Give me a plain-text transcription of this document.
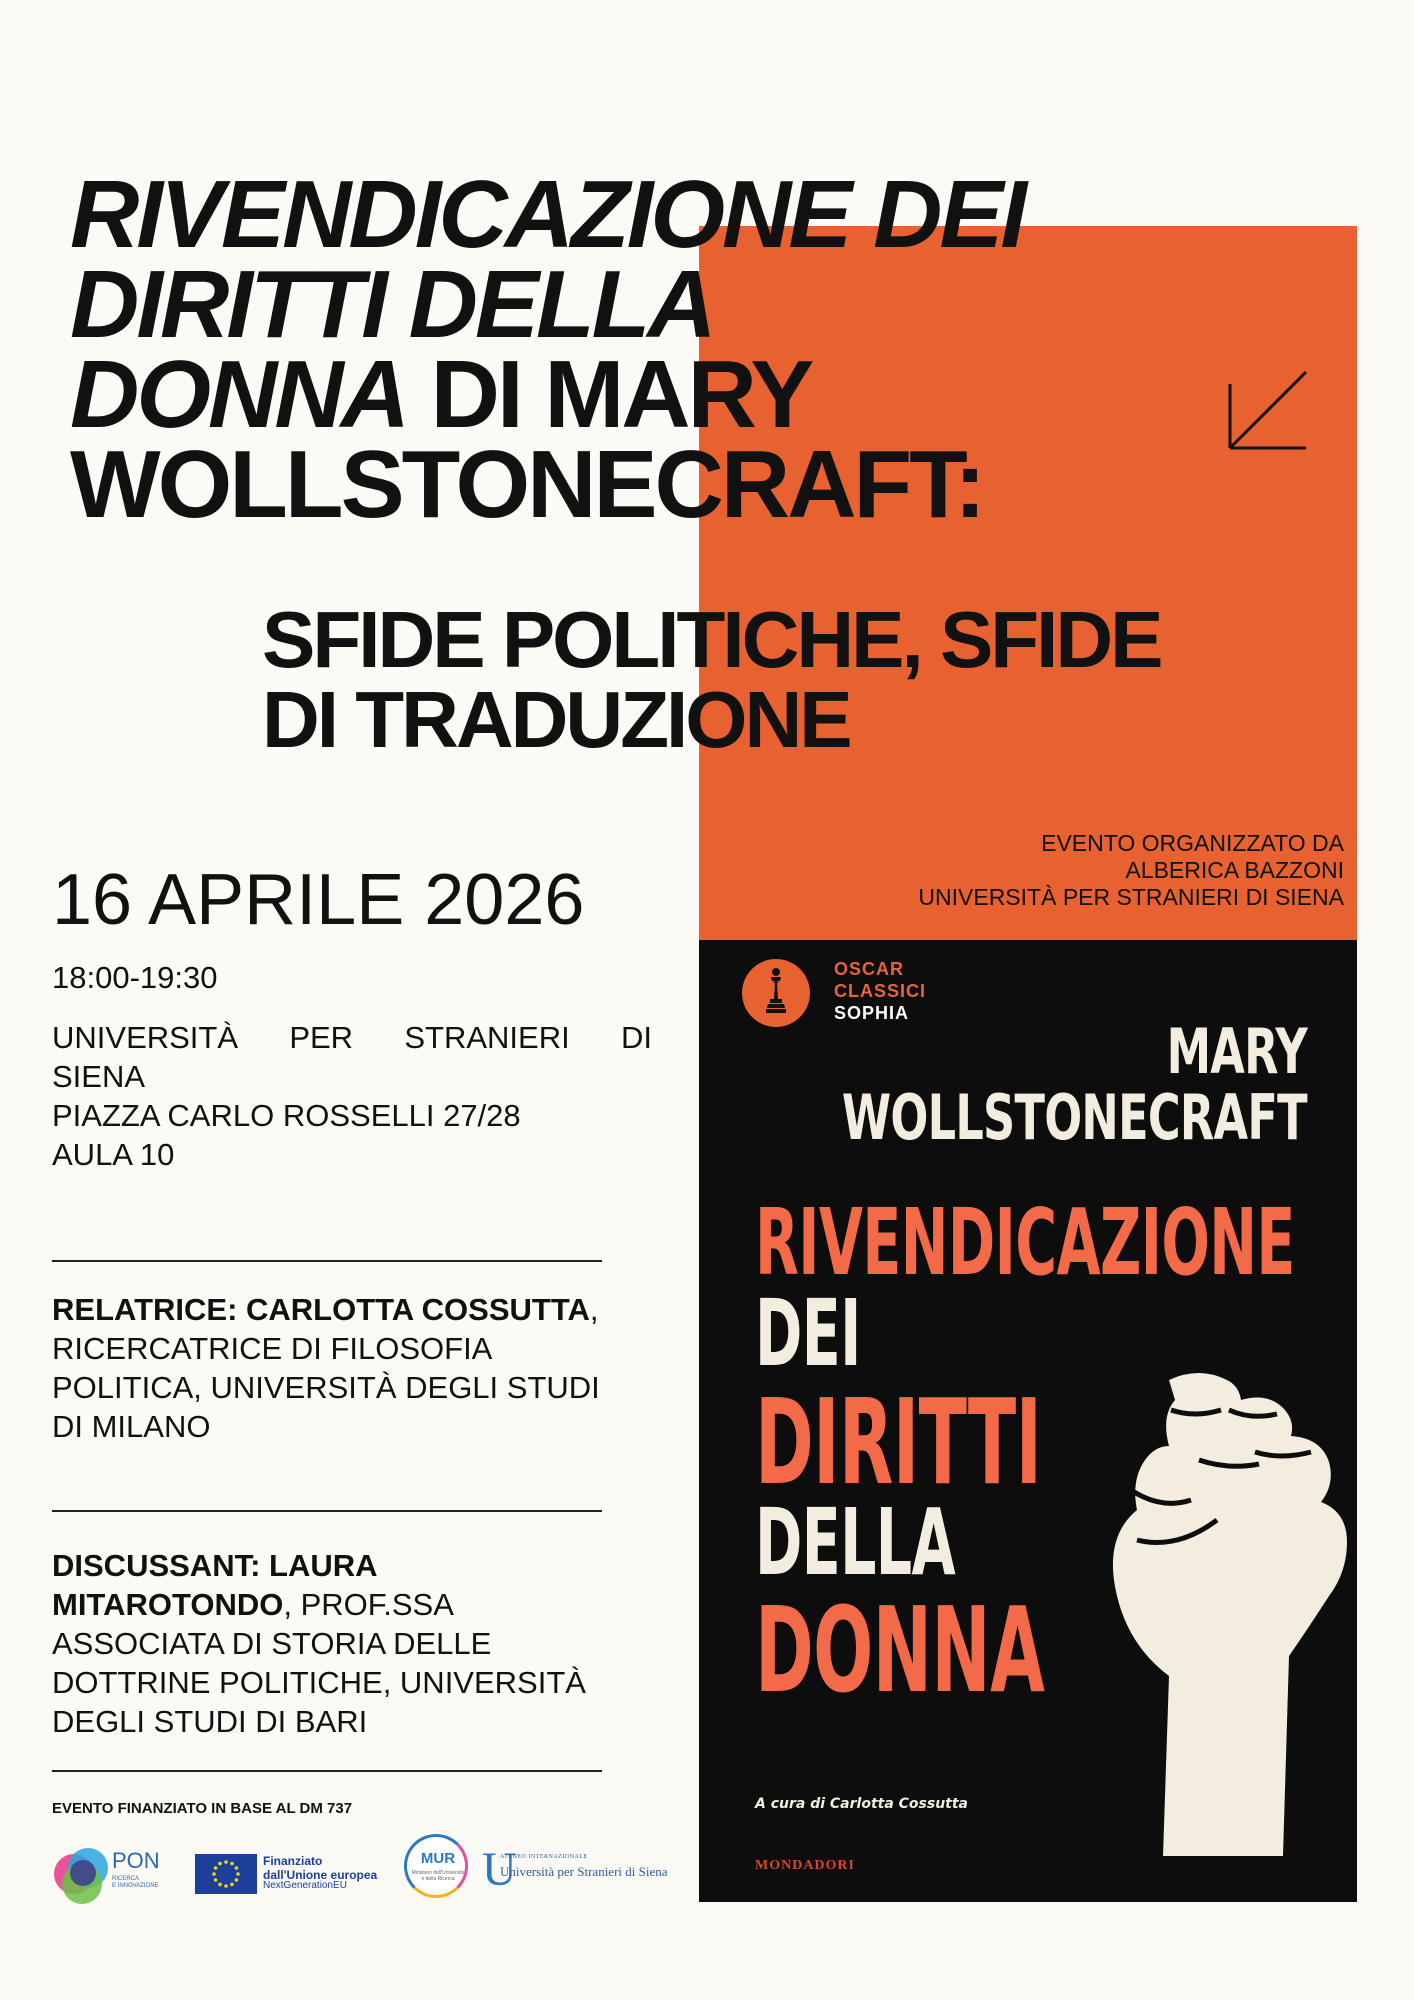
RIVENDICAZIONE DEI
DIRITTI DELLA
DONNA DI MARY
WOLLSTONECRAFT:
SFIDE POLITICHE, SFIDE
DI TRADUZIONE
EVENTO ORGANIZZATO DA
ALBERICA BAZZONI
UNIVERSITÀ PER STRANIERI DI SIENA
16 APRILE 2026
18:00-19:30
UNIVERSITÀ PER STRANIERI DI
SIENA
PIAZZA CARLO ROSSELLI 27/28
AULA 10
RELATRICE: CARLOTTA COSSUTTA, RICERCATRICE DI FILOSOFIA POLITICA, UNIVERSITÀ DEGLI STUDI DI MILANO
DISCUSSANT: LAURA MITAROTONDO, PROF.SSA ASSOCIATA DI STORIA DELLE DOTTRINE POLITICHE, UNIVERSITÀ DEGLI STUDI DI BARI
EVENTO FINANZIATO IN BASE AL DM 737
PON
RICERCA
E INNOVAZIONE
Finanziato
dall'Unione europea
NextGenerationEU
MUR
Ministero dell'Università e della Ricerca U
ATENEO INTERNAZIONALE
Università per Stranieri di Siena
OSCAR
CLASSICI
SOPHIA
MARY
WOLLSTONECRAFT
RIVENDICAZIONE
DEI
DIRITTI
DELLA
DONNA
A cura di Carlotta Cossutta
MONDADORI
